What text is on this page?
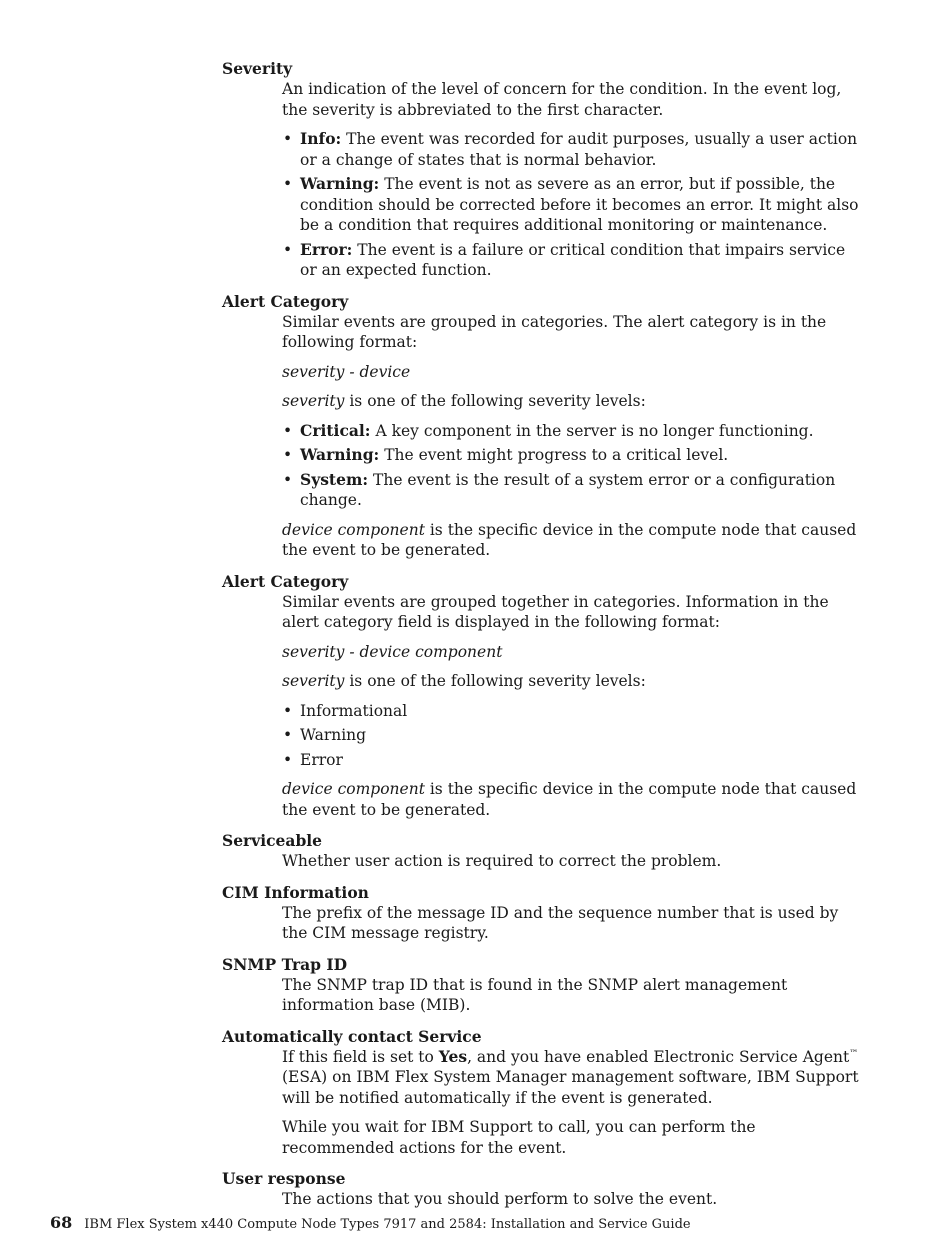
Severity

An indication of the level of concern for the condition. In the event log, the severity is abbreviated to the first character.

• Info: The event was recorded for audit purposes, usually a user action or a change of states that is normal behavior.
• Warning: The event is not as severe as an error, but if possible, the condition should be corrected before it becomes an error. It might also be a condition that requires additional monitoring or maintenance.
• Error: The event is a failure or critical condition that impairs service or an expected function.
Alert Category

Similar events are grouped in categories. The alert category is in the following format:

severity - device

severity is one of the following severity levels:

• Critical: A key component in the server is no longer functioning.
• Warning: The event might progress to a critical level.
• System: The event is the result of a system error or a configuration change.

device component is the specific device in the compute node that caused the event to be generated.

Alert Category

Similar events are grouped together in categories. Information in the alert category field is displayed in the following format:

severity - device component

severity is one of the following severity levels:

• Informational
• Warning
• Error

device component is the specific device in the compute node that caused the event to be generated.

Serviceable

Whether user action is required to correct the problem.

CIM Information

The prefix of the message ID and the sequence number that is used by the CIM message registry.

SNMP Trap ID

The SNMP trap ID that is found in the SNMP alert management information base (MIB).

Automatically contact Service

If this field is set to Yes, and you have enabled Electronic Service Agent™ (ESA) on IBM Flex System Manager management software, IBM Support will be notified automatically if the event is generated.

While you wait for IBM Support to call, you can perform the recommended actions for the event.

User response

The actions that you should perform to solve the event.

68 IBM Flex System x440 Compute Node Types 7917 and 2584: Installation and Service Guide
